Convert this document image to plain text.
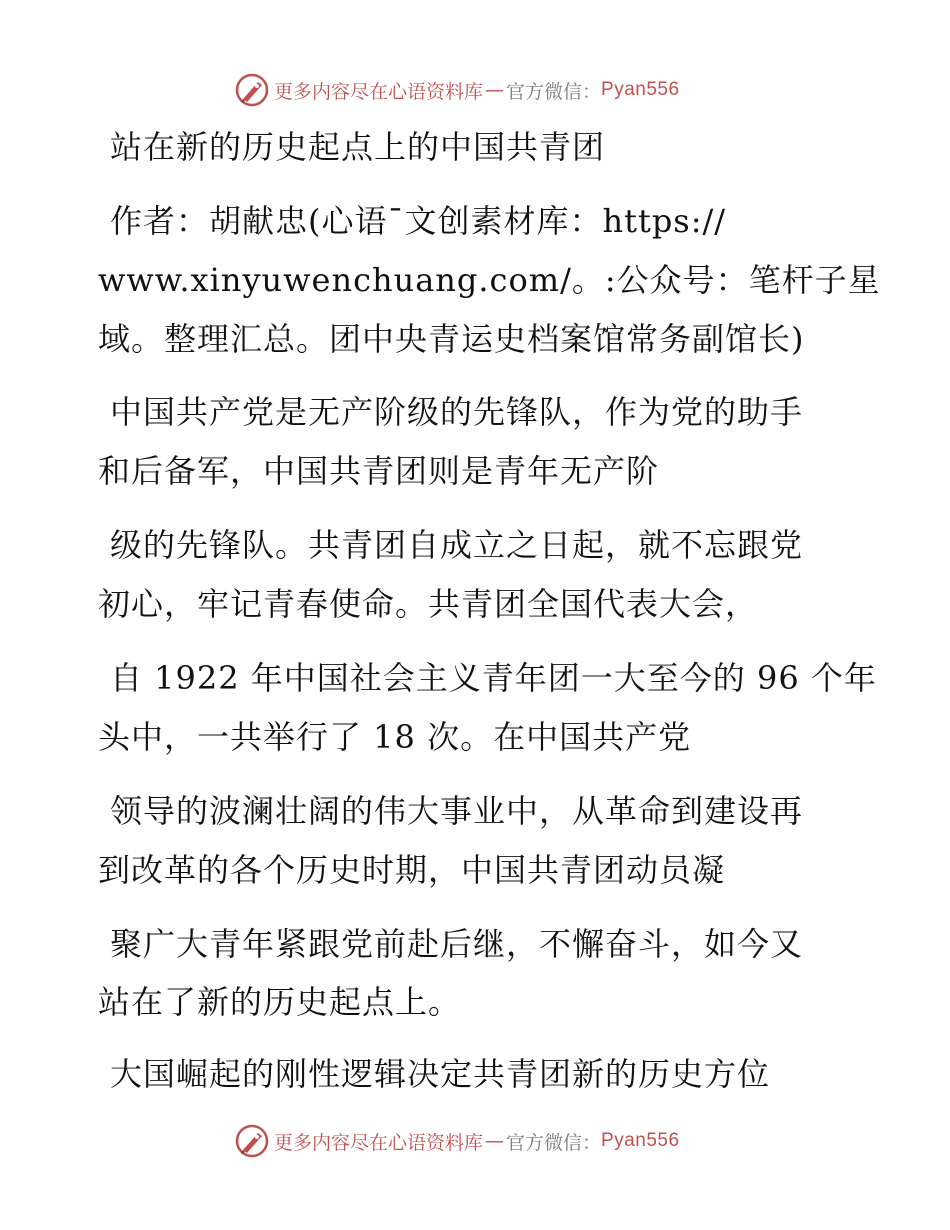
更多内容尽在心语资料库 — 官方微信： Pyan556
站在新的历史起点上的中国共青团
作者：胡献忠(心语¯文创素材库：https://
www.xinyuwenchuang.com/。:公众号：笔杆子星
域。整理汇总。团中央青运史档案馆常务副馆长)
中国共产党是无产阶级的先锋队，作为党的助手
和后备军，中国共青团则是青年无产阶
级的先锋队。共青团自成立之日起，就不忘跟党
初心，牢记青春使命。共青团全国代表大会，
自 1922 年中国社会主义青年团一大至今的 96 个年
头中，一共举行了 18 次。在中国共产党
领导的波澜壮阔的伟大事业中，从革命到建设再
到改革的各个历史时期，中国共青团动员凝
聚广大青年紧跟党前赴后继，不懈奋斗，如今又
站在了新的历史起点上。
大国崛起的刚性逻辑决定共青团新的历史方位
更多内容尽在心语资料库 — 官方微信： Pyan556
